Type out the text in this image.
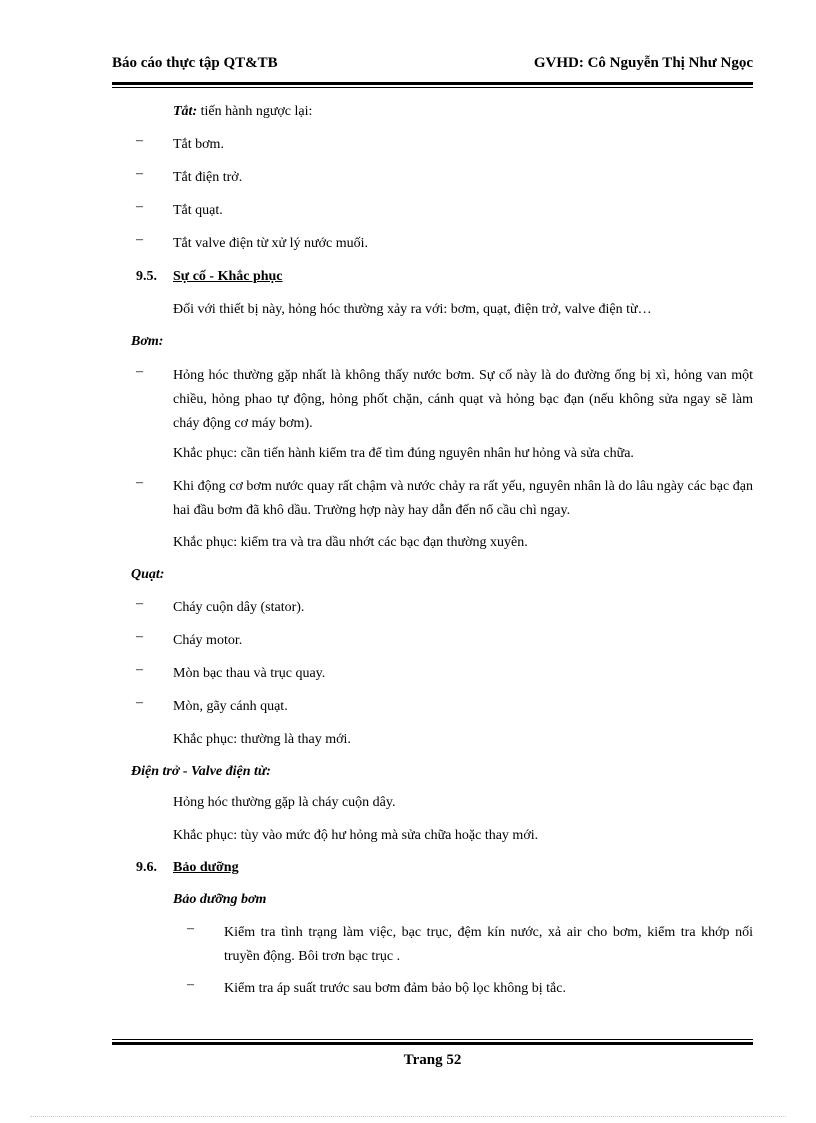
Báo cáo thực tập QT&TB	GVHD: Cô Nguyễn Thị Như Ngọc
Tắt: tiến hành ngược lại:
– Tắt bơm.
– Tắt điện trở.
– Tắt quạt.
– Tắt valve điện từ xử lý nước muối.
9.5.	Sự cố - Khắc phục
Đối với thiết bị này, hỏng hóc thường xảy ra với: bơm, quạt, điện trở, valve điện từ…
Bơm:
– Hỏng hóc thường gặp nhất là không thấy nước bơm. Sự cố này là do đường ống bị xì, hỏng van một chiều, hỏng phao tự động, hỏng phốt chặn, cánh quạt và hỏng bạc đạn (nếu không sửa ngay sẽ làm cháy động cơ máy bơm).
Khắc phục: cần tiến hành kiểm tra để tìm đúng nguyên nhân hư hỏng và sửa chữa.
– Khi động cơ bơm nước quay rất chậm và nước chảy ra rất yếu, nguyên nhân là do lâu ngày các bạc đạn hai đầu bơm đã khô dầu. Trường hợp này hay dẫn đến nổ cầu chì ngay.
Khắc phục: kiểm tra và tra dầu nhớt các bạc đạn thường xuyên.
Quạt:
– Cháy cuộn dây (stator).
– Cháy motor.
– Mòn bạc thau và trục quay.
– Mòn, gãy cánh quạt.
Khắc phục: thường là thay mới.
Điện trở - Valve điện từ:
Hỏng hóc thường gặp là cháy cuộn dây.
Khắc phục: tùy vào mức độ hư hỏng mà sửa chữa hoặc thay mới.
9.6.	Bảo dưỡng
Bảo dưỡng bơm
– Kiểm tra tình trạng làm việc, bạc trục, đệm kín nước, xả air cho bơm, kiểm tra khớp nối truyền động. Bôi trơn bạc trục .
– Kiểm tra áp suất trước sau bơm đảm bảo bộ lọc không bị tắc.
Trang 52
